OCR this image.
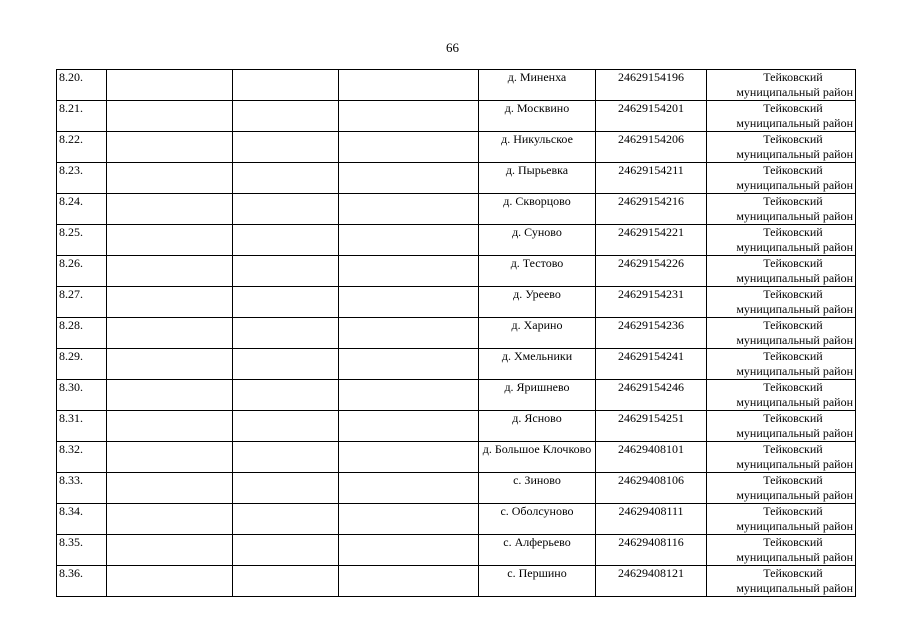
66
8.20.				д. Миненха	24629154196	Тейковский
муниципальный район

8.21.				д. Москвино	24629154201	Тейковский
муниципальный район

8.22.				д. Никульское	24629154206	Тейковский
муниципальный район

8.23.				д. Пырьевка	24629154211	Тейковский
муниципальный район

8.24.				д. Скворцово	24629154216	Тейковский
муниципальный район

8.25.				д. Суново	24629154221	Тейковский
муниципальный район

8.26.				д. Тестово	24629154226	Тейковский
муниципальный район

8.27.				д. Уреево	24629154231	Тейковский
муниципальный район

8.28.				д. Харино	24629154236	Тейковский
муниципальный район

8.29.				д. Хмельники	24629154241	Тейковский
муниципальный район

8.30.				д. Яришнево	24629154246	Тейковский
муниципальный район

8.31.				д. Ясново	24629154251	Тейковский
муниципальный район

8.32.				д. Большое Клочково	24629408101	Тейковский
муниципальный район

8.33.				с. Зиново	24629408106	Тейковский
муниципальный район

8.34.				с. Оболсуново	24629408111	Тейковский
муниципальный район

8.35.				с. Алферьево	24629408116	Тейковский
муниципальный район

8.36.				с. Першино	24629408121	Тейковский
муниципальный район
